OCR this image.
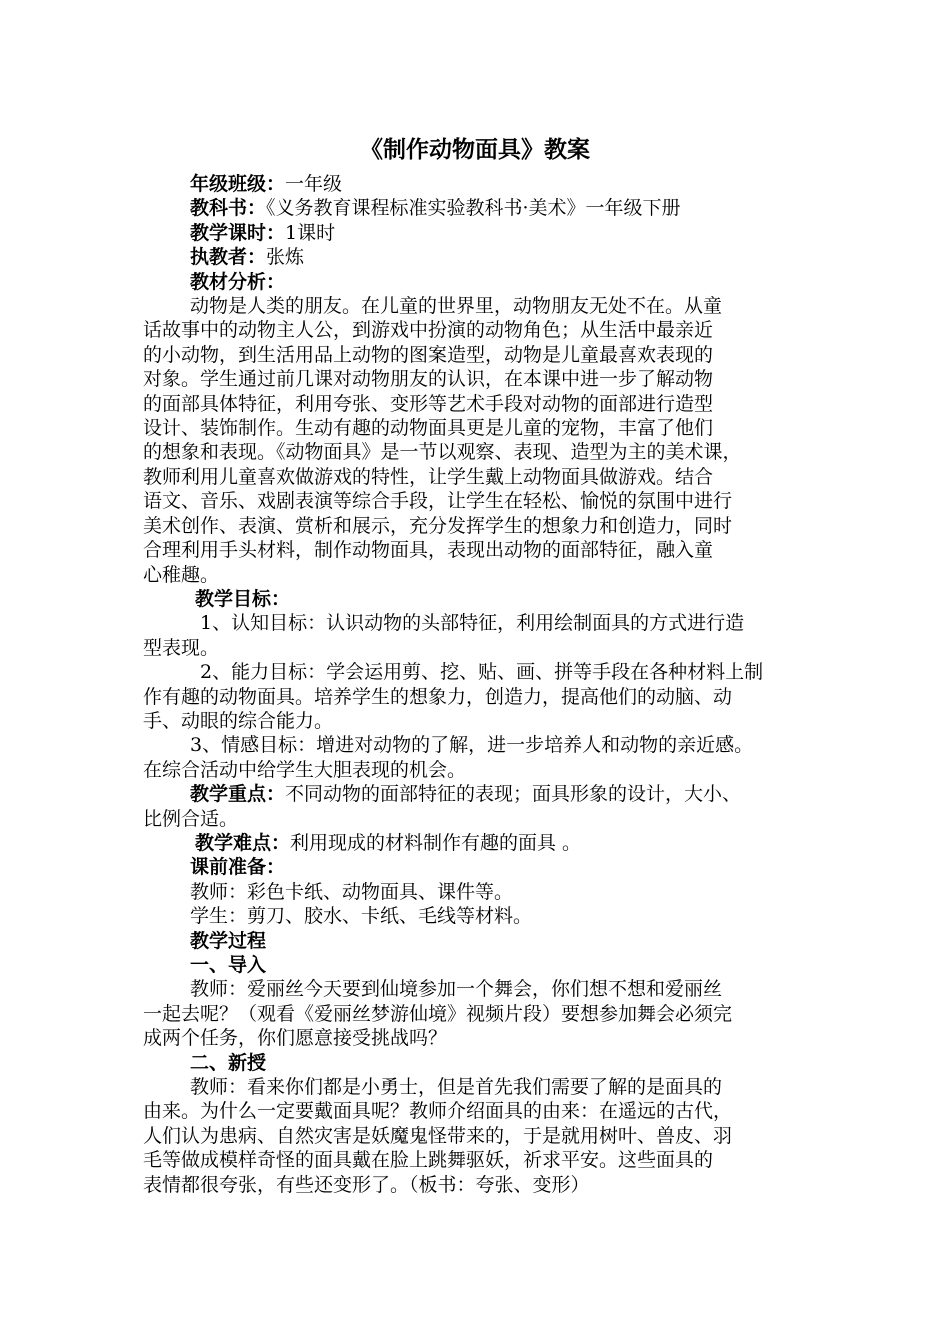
《制作动物面具》教案
年级班级：一年级
教科书：《义务教育课程标准实验教科书·美术》一年级下册
教学课时：1课时
执教者：张炼
教材分析：
动物是人类的朋友。在儿童的世界里，动物朋友无处不在。从童
话故事中的动物主人公，到游戏中扮演的动物角色；从生活中最亲近
的小动物，到生活用品上动物的图案造型，动物是儿童最喜欢表现的
对象。学生通过前几课对动物朋友的认识，在本课中进一步了解动物
的面部具体特征，利用夸张、变形等艺术手段对动物的面部进行造型
设计、装饰制作。生动有趣的动物面具更是儿童的宠物，丰富了他们
的想象和表现。《动物面具》是一节以观察、表现、造型为主的美术课，
教师利用儿童喜欢做游戏的特性，让学生戴上动物面具做游戏。结合
语文、音乐、戏剧表演等综合手段，让学生在轻松、愉悦的氛围中进行
美术创作、表演、赏析和展示，充分发挥学生的想象力和创造力，同时
合理利用手头材料，制作动物面具，表现出动物的面部特征，融入童
心稚趣。
教学目标：
1、认知目标：认识动物的头部特征，利用绘制面具的方式进行造
型表现。
2、能力目标：学会运用剪、挖、贴、画、拼等手段在各种材料上制
作有趣的动物面具。培养学生的想象力，创造力，提高他们的动脑、动
手、动眼的综合能力。
3、情感目标：增进对动物的了解，进一步培养人和动物的亲近感。
在综合活动中给学生大胆表现的机会。
教学重点：不同动物的面部特征的表现；面具形象的设计，大小、
比例合适。
教学难点：利用现成的材料制作有趣的面具 。
课前准备：
教师：彩色卡纸、动物面具、课件等。
学生：剪刀、胶水、卡纸、毛线等材料。
教学过程
一、导入
教师：爱丽丝今天要到仙境参加一个舞会，你们想不想和爱丽丝
一起去呢？（观看《爱丽丝梦游仙境》视频片段）要想参加舞会必须完
成两个任务，你们愿意接受挑战吗？
二、新授
教师：看来你们都是小勇士，但是首先我们需要了解的是面具的
由来。为什么一定要戴面具呢？教师介绍面具的由来：在遥远的古代，
人们认为患病、自然灾害是妖魔鬼怪带来的，于是就用树叶、兽皮、羽
毛等做成模样奇怪的面具戴在脸上跳舞驱妖，祈求平安。这些面具的
表情都很夸张，有些还变形了。（板书：夸张、变形）
